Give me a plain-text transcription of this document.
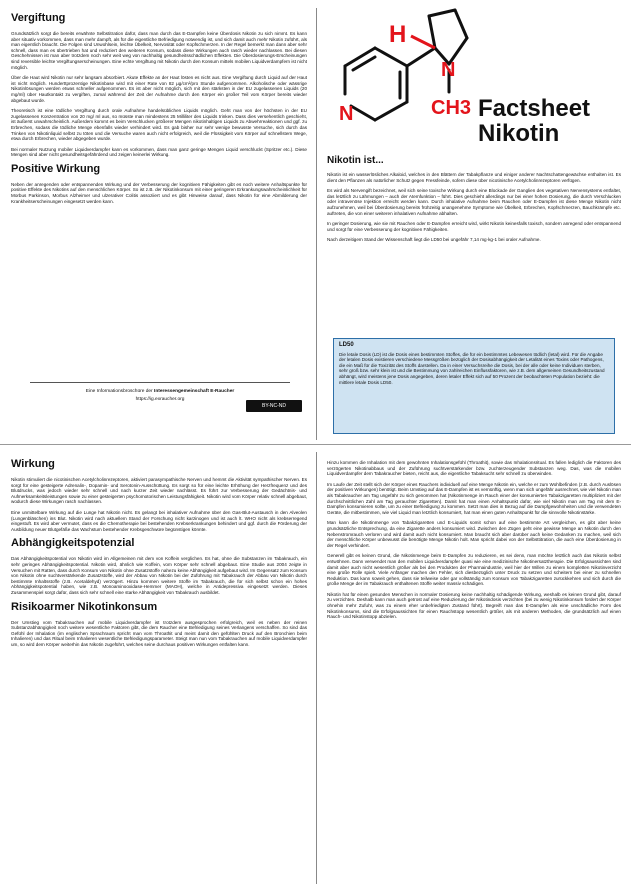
Vergiftung

Grundsätzlich sorgt die bereits erwähnte Selbstitration dafür, dass man durch das E-Dampfen keine Überdosis Nikotin zu sich nimmt. Es kann aber situativ vorkommen, dass man mehr dampft, als für die eigentliche Befriedigung notwendig ist, und sich damit auch mehr Nikotin zuführt, als man eigentlich braucht. Die Folgen sind Unwohlsein, leichte Übelkeit, Nervosität oder Kopfschmerzen. In der Regel bemerkt man dann aber sehr schnell, dass man es übertrieben hat und reduziert den weiteren Konsum, sodass diese Wirkungen auch rasch wieder nachlassen. Bei diesen Geschehnissen ist man aber trotzdem noch sehr weit weg von nachhaltig gesundheitsschädlichen Effekten. Die Überdosierungs-Erscheinungen sind reversible leichte Vergiftungserscheinungen. Eine echte Vergiftung mit Nikotin durch den Konsum mittels mobilen Liquidverdampfern ist nicht möglich.

Über die Haut wird Nikotin nur sehr langsam absorbiert. Akute Effekte an der Haut lösten es nicht aus. Eine Vergiftung durch Liquid auf der Haut ist nicht möglich. Hunderttprozentige Nikotinbase wird mit einer Rate von 82 µg/cm²/pro Stunde aufgenommen. Alkoholische oder wässrige Nikotinlösungen werden etwas schneller aufgenommen. Es ist aber nicht möglich, sich mit den stärksten in der EU zugelassenen Liquids (20 mg/ml) über Hautkontakt zu vergiften, zumal während der Zeit der Aufnahme durch den Körper ein großer Teil vom Körper bereits wieder abgebaut wurde.

Theoretisch ist eine tödliche Vergiftung durch orale Aufnahme handelsüblichen Liquids möglich. Geht man von der höchsten in der EU zugelassenen Konzentration von 20 mg/ ml aus, so müsste man mindestens 25 Milliliter des Liquids trinken. Dass dies versehentlich geschieht, ist äußerst unwahrscheinlich. Außerdem kommt es beim Verschlucken größerer Mengen nikotinhaltigen Liquids zu Abwehrreaktionen und ggf. zu Erbrechen, sodass die tödliche Menge ebenfalls wieder verhindert wird. Es gab bisher nur sehr wenige bewusste Versuche, sich durch das Trinken von Nikotinliquid selbst zu töten und die Versuche waren auch nicht erfolgreich, weil die Flüssigkeit vom Körper auf schnellstem Wege, etwa durch Erbrechen, wieder abgegeben wurde.

Bei normaler Nutzung mobiler Liquidverdampfer kann es vorkommen, dass man ganz geringe Mengen Liquid verschluckt (Spritzer etc.). Diese Mengen sind aber nicht gesundheitsgefährdend und zeigen keinerlei Wirkung.

Positive Wirkung

Neben der anregenden oder entspannenden Wirkung und der Verbesserung der kognitiven Fähigkeiten gibt es noch weitere Anhaltspunkte für positive Effekte des Nikotins auf den menschlichen Körper. So ist z.B. der Nikotinkonsum mit einer geringeren Erkrankungswahrscheinlichkeit für Morbus Parkinson, Morbus Alzheimer und ulzerativer Colitis assoziiert und es gibt Hinweise darauf, dass Nikotin für eine Abmilderung der Krankheitserscheinungen eingesetzt werden kann.

Eine Informationsbroschüre der Interessengemeinschaft E-Raucher
https://ig.exraucher.org
BY-NC-ND
H
N
N
CH3 Factsheet
Nikotin
Nikotin ist...

Nikotin ist ein wasserlösliches Alkaloid, welches in den Blättern der Tabakpflanze und einiger anderer Nachtschattengewächse enthalten ist. Es dient den Pflanzen als natürlicher Schutz gegen Fressfeinde, sofern diese über nicotinische Acetylcholinrezeptoren verfügen.

Es wird als Nervengift bezeichnet, weil sich seine toxische Wirkung durch eine Blockade der Ganglien des vegetativen Nervensystems entfaltet, das letztlich zu Lähmungen – auch der Atemfunktion – führt. Dies geschieht allerdings nur bei einer hohen Dosierung, die durch Verschlucken oder intravenöse Injektion erreicht werden kann. Durch inhalative Aufnahme beim Rauchen oder E-Dampfen ist diese Menge Nikotin nicht aufzunehmen, weil bei Überdosierung bereits frühzeitig unangenehme Symptome wie Übelkeit, Erbrechen, Kopfschmerzen, Bauchkrämpfe etc. auftreten, die von einer weiteren inhalativen Aufnahme abhalten.

In geringer Dosierung, wie sie mit Rauchen oder E-Dampfen erreicht wird, wirkt Nikotin keinesfalls toxisch, sondern anregend oder entspannend und sorgt für eine Verbesserung der kognitiven Fähigkeiten.

Nach derzeitigem Stand der Wissenschaft liegt die LD50 bei ungefähr 7,14 mg·kg-1 bei oraler Aufnahme.

LD50

Die letale Dosis (LD) ist die Dosis eines bestimmten Stoffes, die für ein bestimmtes Lebewesen tödlich (letal) wird. Für die Angabe der letalen Dosis existieren verschiedene Messgrößen bezüglich der Dosisabhängigkeit der Letalität eines Toxins oder Pathogens, die ein Maß für die Toxizität des Stoffs darstellen. Da in einer Versuchsreihe die Dosis, bei der alle oder keine Individuen sterben, sehr groß bzw. sehr klein ist und die Bestimmung von zahlreichen Einflussfaktoren, wie z.B. dem allgemeinen Gesundheitszustand abhängt, wird meistens jene Dosis angegeben, deren letaler Effekt sich auf 50 Prozent der beobachteten Population bezieht: die mittlere letale Dosis LD50.

Wirkung

Nikotin stimuliert die nicotinischen Acetylcholinrezeptoren, aktiviert parasympathische Nerven und hemmt die Aktivität sympathischer Nerven. Es sorgt für eine gesteigerte Adrenalin-, Dopamin- und Serotonin-Ausschüttung. Es sorgt so für eine leichte Erhöhung der Herzfrequenz und des Blutdrucks, was jedoch wieder sehr schnell und nach kurzer Zeit wieder nachlässt. Es führt zur Verbesserung der Gedächtnis- und Aufmerksamkeitsleistungen sowie zu einer gesteigerten psychomotorischen Leistungsfähigkeit. Nikotin wird vom Körper relativ schnell abgebaut, wodurch diese Wirkungen rasch nachlassen.

Eine unmittelbare Wirkung auf die Lunge hat Nikotin nicht. Es gelangt bei inhalativer Aufnahme über den Gas-Blut-Austausch in den Alveolen (Lungenbläschen) ins Blut. Nikotin wird nach aktuellem Stand der Forschung nicht karzinogen und ist auch lt. WHO nicht als krebserregend eingestuft. Es wird aber vermutet, dass es die Chemotherapie bei bestehenden Krebserkrankungen behindert und ggf. durch die Förderung der Ausbildung neuer Blutgefäße das Wachstum bestehender Krebsgeschwüre begünstigen könnte.

Abhängigkeitspotenzial

Das Abhängigkeitspotential von Nikotin wird im Allgemeinen mit dem von Koffein verglichen. Es hat, ohne die Substanzen im Tabakrauch, ein sehr geringes Abhängigkeitspotential. Nikotin wird, ähnlich wie Koffein, vom Körper sehr schnell abgebaut. Eine Studie aus 2004 zeigte in Versuchen mit Ratten, dass durch Konsum von Nikotin ohne Zusatzstoffe nahezu keine Abhängigkeit aufgebaut wird. Im Gegensatz zum Konsum von Nikotin ohne suchtverstärkende Zusatzstoffe, wird der Abbau von Nikotin bei der Zuführung mit Tabakrauch der Abbau von Nikotin durch bestimmte Inhaltsstoffe (z.B. Acetaldehyd) verzögert. Hinzu kommen weitere Stoffe im Tabakrauch, die für sich selbst schon ein hohes Abhängigkeitspotential haben, wie z.B. Monoaminooxidase-Hemmer (MAOH), welche in Antidepressiva eingesetzt werden. Dieses Zusammenspiel sorgt dafür, dass sich sehr schnell eine starke Abhängigkeit von Tabakrauch ausbildet.

Risikoarmer Nikotinkonsum

Der Umstieg vom Tabakrauchen auf mobile Liquidverdampfer ist trotzdem ausgesprochen erfolgreich, weil es neben der reinen Substanzabhängigkeit noch weitere wesentliche Faktoren gibt, die dem Raucher eine Befriedigung seines Verlangens verschaffen. So sind das Gefühl der Inhalation (im englischen Sprachraum spricht man vom Throathit und meint damit den gefühlten Druck auf den Bronchien beim Inhalieren) und das Ritual beim Inhalieren wesentliche Befriedigungsparameter. Steigt man nun vom Tabakrauchen auf mobile Liquidverdampfer um, so wird dem Körper weiterhin das Nikotin zugeführt, welches seine durchaus positiven Wirkungen entfalten kann.

Hinzu kommen die Inhalation mit dem gewohnten Inhalationsgefühl (Throathit), sowie das Inhalationsritual. Es fallen lediglich die Faktoren des verzögerten Nikotinabbaus und der Zuführung suchtverstärkender bzw. zuchterzeugender Substanzen weg. Das, was die mobilen Liquidverdampfer dem Tabakraucher bieten, reicht aus, die eigentliche Tabaksucht sehr schnell zu überwinden.

Im Laufe der Zeit stellt sich der Körper eines Rauchers individuell auf eine Menge Nikotin ein, welche er zum Wohlbefinden (z.B. durch Auslösen der positiven Wirkungen) benötigt. Beim Umstieg auf das E-Dampfen ist es vernünftig, wenn man sich ungefähr ausrechnet, wie viel Nikotin man als Tabakraucher am Tag ungefähr zu sich genommen hat (Nikotinmenge im Rauch einer der konsumierten Tabakzigaretten multipliziert mit der durchschnittlichen Zahl am Tag gerauchter Zigaretten). Damit hat man einen Anhaltspunkt dafür, wie viel Nikotin man am Tag mit dem E-Dampfen konsumieren sollte, um zu einer Befriedigung zu kommen. Setzt man dies in Bezug auf die Dampfgewohnheiten und die verwendeten Geräte, die mitbestimmen, wie viel Liquid man letztlich konsumiert, hat man einen guten Anhaltspunkt für die sinnvolle Nikotinstärke.

Man kann die Nikotinmenge von Tabakzigaretten und E-Liquids somit schon auf eine bestimmte Art vergleichen, es gibt aber keine grundsätzliche Entsprechung, da eine Zigarette anders konsumiert wird. Zwischen den Zügen geht eine gewisse Menge an Nikotin durch den Nebenstromrauch verloren und wird damit auch nicht konsumiert. Man braucht sich aber darüber auch keine Gedanken zu machen, weil sich der menschliche Körper unbewusst die benötigte Menge Nikotin holt. Man spricht dabei von der Selbsttitration, die auch eine Überdosierung in der Regel verhindert.

Generell gibt es keinen Grund, die Nikotinmenge beim E-Dampfen zu reduzieren, es sei denn, man möchte letztlich auch das Nikotin selbst entwöhnen. Dann verwendet man den mobilen Liquidverdampfer quasi wie eine medizinische Nikotinersatztherapie. Die Erfolgsaussichten sind damit aber auch nicht wesentlich größer als bei den Produkten der Pharmaindustrie, weil hier der Willen zu einem kompletten Nikotinverzicht eine große Rolle spielt. Viele Anfänger machen den Fehler, sich diesbezüglich unter Druck zu setzen und scheitern bei einer zu schnellen Reduktion. Das kann soweit gehen, dass sie teilweise oder gar vollständig zum Konsum von Tabakzigaretten zurückkehren und sich durch die große Menge der im Tabakrauch enthaltenen Stoffe weiter massiv schädigen.

Nikotin hat für einen gesunden Menschen in normaler Dosierung keine nachhaltig schädigende Wirkung, weshalb es keinen Grund gibt, darauf zu verzichten. Deshalb kann man auch getrost auf eine Reduzierung der Nikotindosis verzichten (bei zu wenig Nikotinkonsum fordert der Körper ohnehin mehr Zufuhr, was zu einem eher unbefriedigten Zustand führt). Begreift man das E-Dampfen als eine unschädliche Form des Nikotinkonsums, sind die Erfolgsaussichten für einen Rauchstopp wesentlich größer, als mit anderen Methoden, die grundsätzlich auf einen Rauch- und Nikotinstopp abzielen.
